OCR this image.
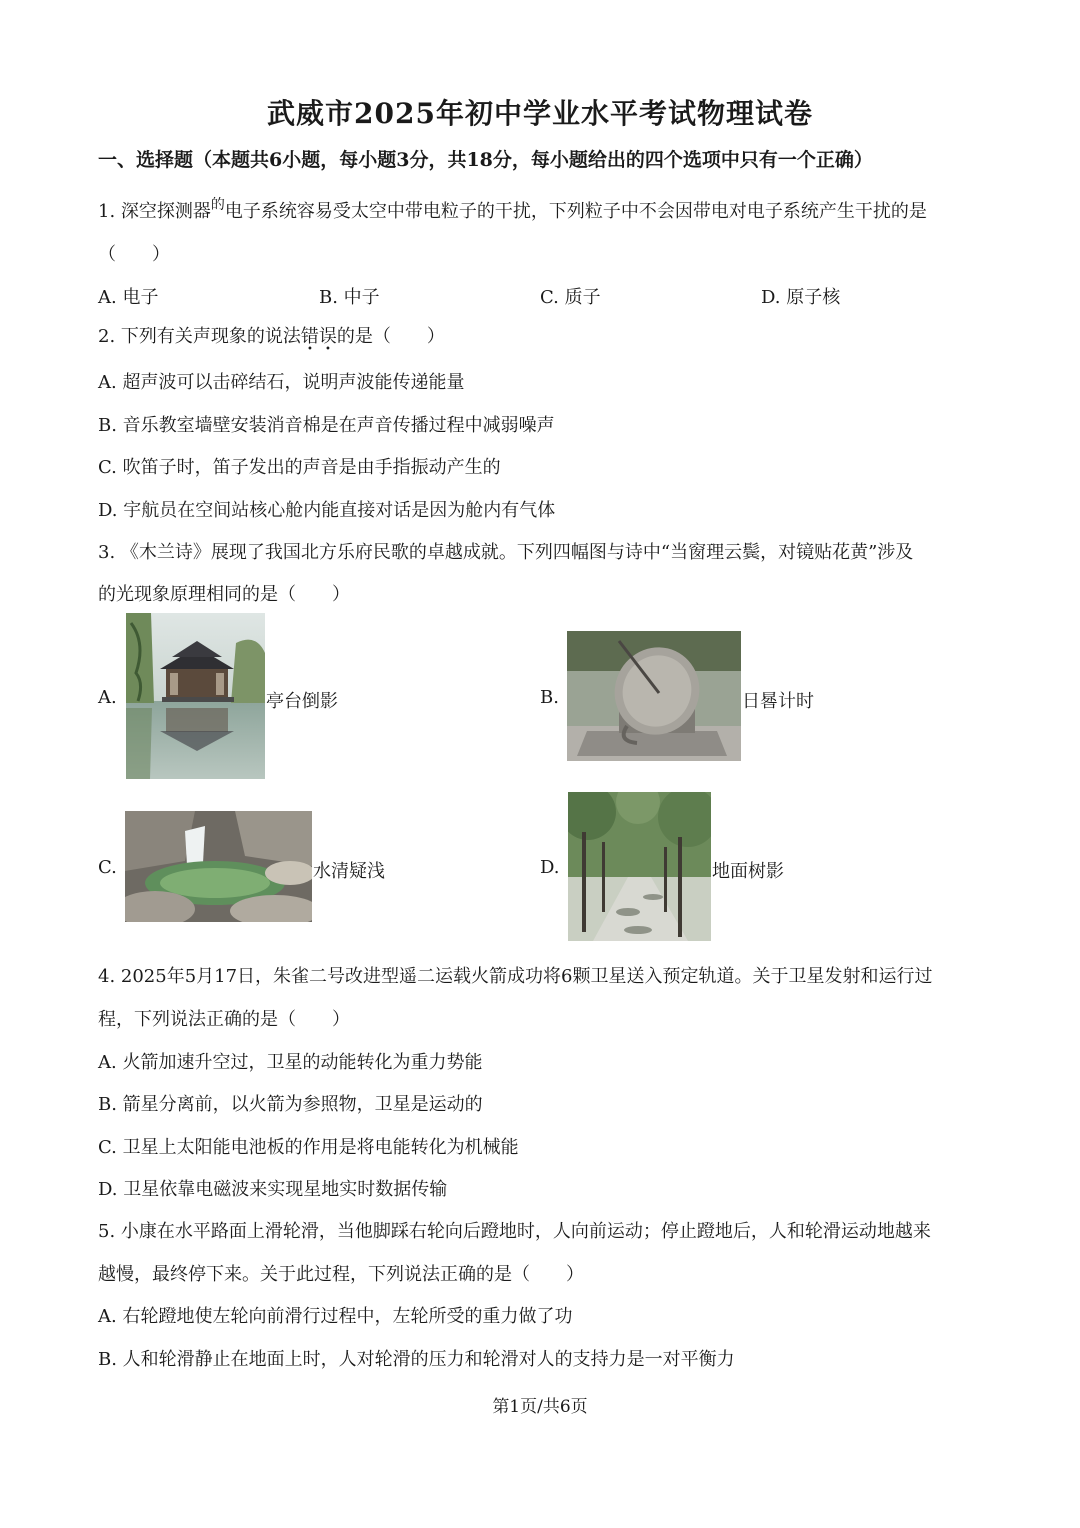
武威市2025年初中学业水平考试物理试卷
一、选择题（本题共6小题，每小题3分，共18分，每小题给出的四个选项中只有一个正确）
1. 深空探测器$^的$电子系统容易受太空中带电粒子的干扰，下列粒子中不会因带电对电子系统产生干扰的是
（　　）
A. 电子	B. 中子	C. 质子	D. 原子核
2. 下列有关声现象的说法错误
• •
的是（　　）
A. 超声波可以击碎结石，说明声波能传递能量
B. 音乐教室墙壁安装消音棉是在声音传播过程中减弱噪声
C. 吹笛子时，笛子发出的声音是由手指振动产生的
D. 宇航员在空间站核心舱内能直接对话是因为舱内有气体
3. 《木兰诗》展现了我国北方乐府民歌的卓越成就。下列四幅图与诗中“当窗理云鬓，对镜贴花黄”涉及
的光现象原理相同的是（　　）
A.	亭台倒影	B.	日晷计时
C.	水清疑浅	D.	地面树影
4. 2025年5月17日，朱雀二号改进型遥二运载火箭成功将6颗卫星送入预定轨道。关于卫星发射和运行过
程，下列说法正确的是（　　）
A. 火箭加速升空过，卫星的动能转化为重力势能
B. 箭星分离前，以火箭为参照物，卫星是运动的
C. 卫星上太阳能电池板的作用是将电能转化为机械能
D. 卫星依靠电磁波来实现星地实时数据传输
5. 小康在水平路面上滑轮滑，当他脚踩右轮向后蹬地时，人向前运动；停止蹬地后，人和轮滑运动地越来
越慢，最终停下来。关于此过程，下列说法正确的是（　　）
A. 右轮蹬地使左轮向前滑行过程中，左轮所受的重力做了功
B. 人和轮滑静止在地面上时，人对轮滑的压力和轮滑对人的支持力是一对平衡力
第1页/共6页
